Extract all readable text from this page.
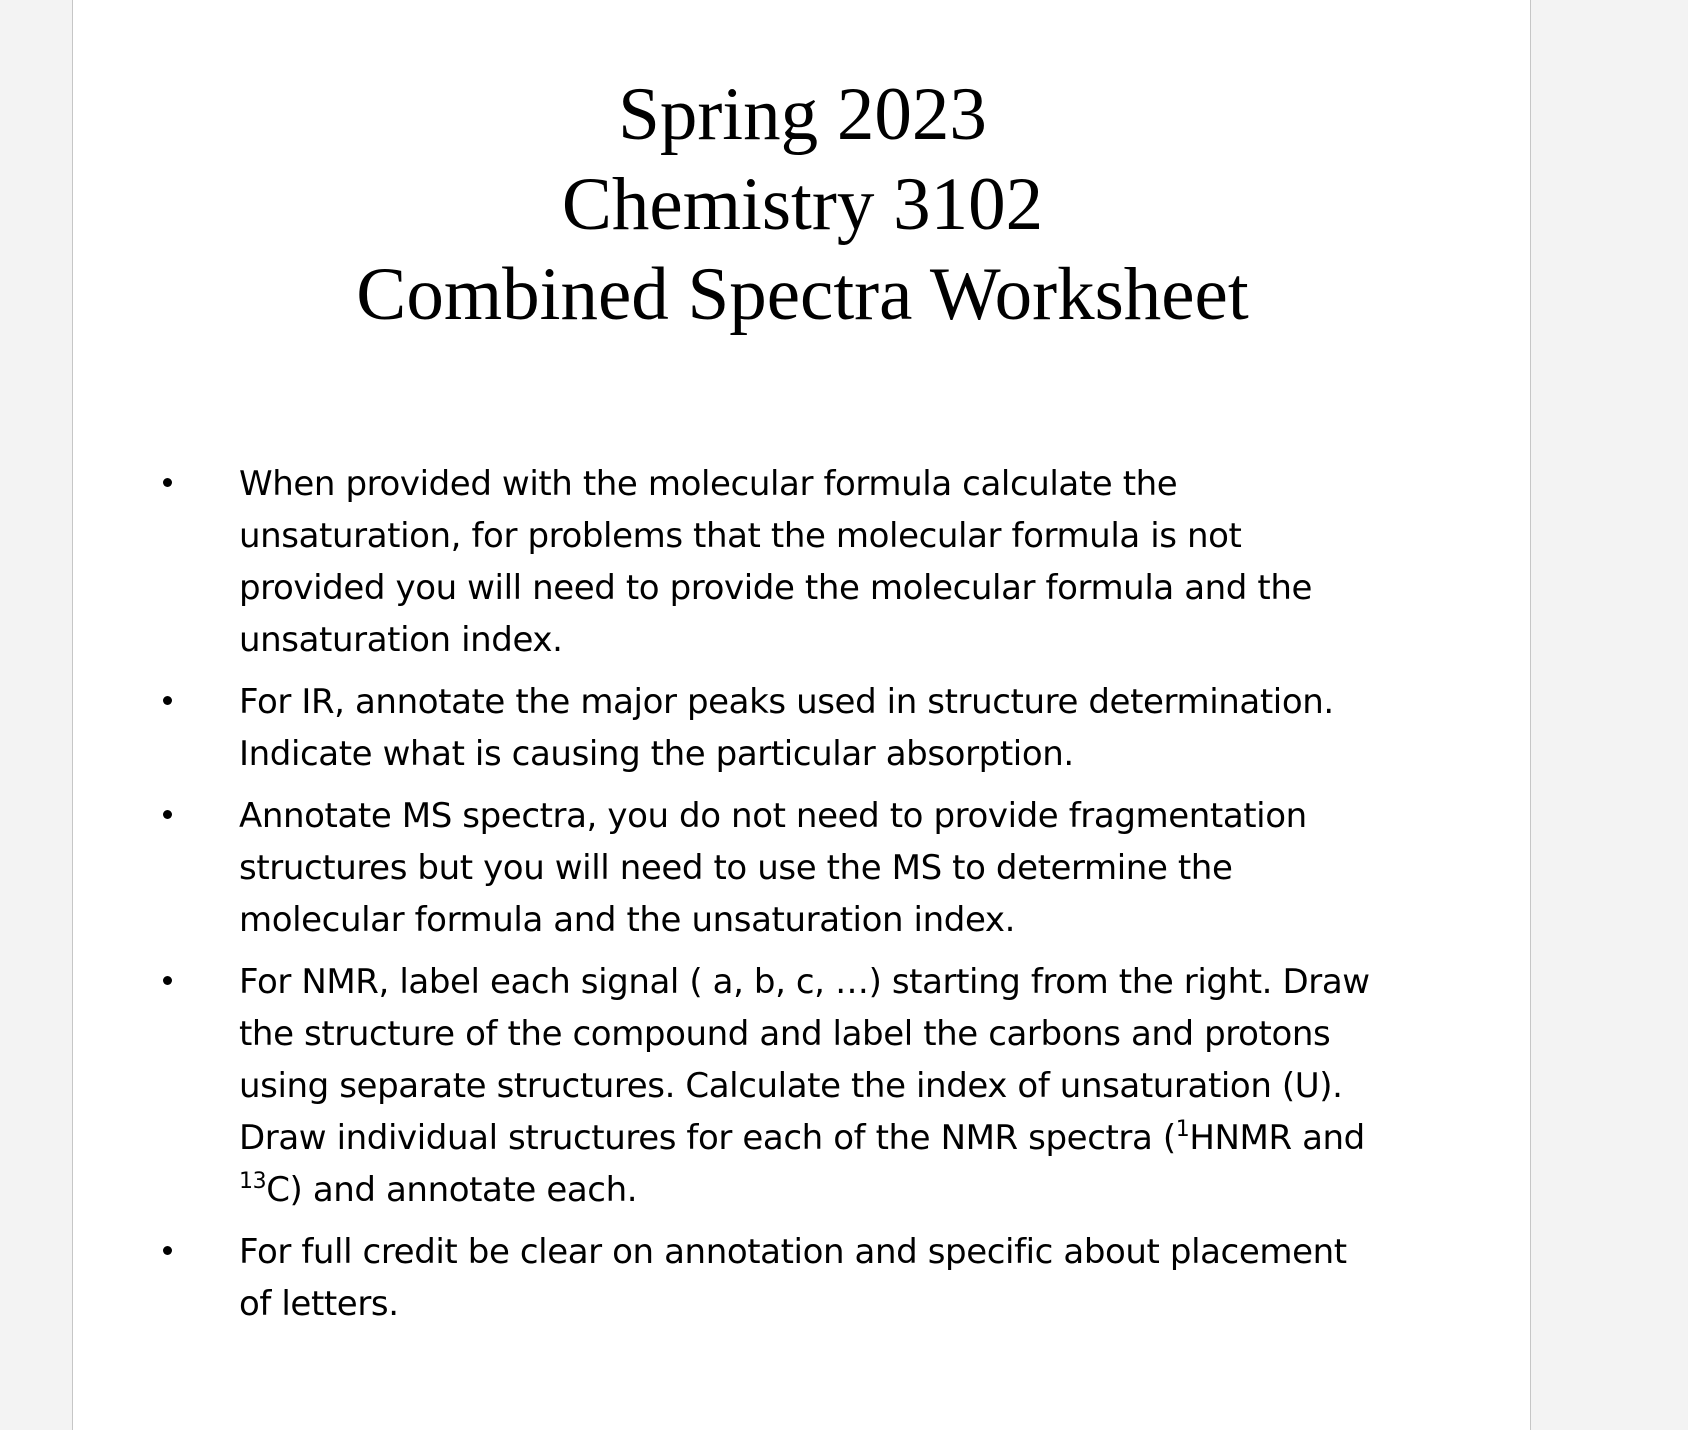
Spring 2023
Chemistry 3102
Combined Spectra Worksheet
When provided with the molecular formula calculate the
unsaturation, for problems that the molecular formula is not
provided you will need to provide the molecular formula and the
unsaturation index.
For IR, annotate the major peaks used in structure determination.
Indicate what is causing the particular absorption.
Annotate MS spectra, you do not need to provide fragmentation
structures but you will need to use the MS to determine the
molecular formula and the unsaturation index.
For NMR, label each signal ( a, b, c, …) starting from the right. Draw
the structure of the compound and label the carbons and protons
using separate structures. Calculate the index of unsaturation (U).
Draw individual structures for each of the NMR spectra ($^1$HNMR and
$^{13}$C) and annotate each.
For full credit be clear on annotation and specific about placement
of letters.
